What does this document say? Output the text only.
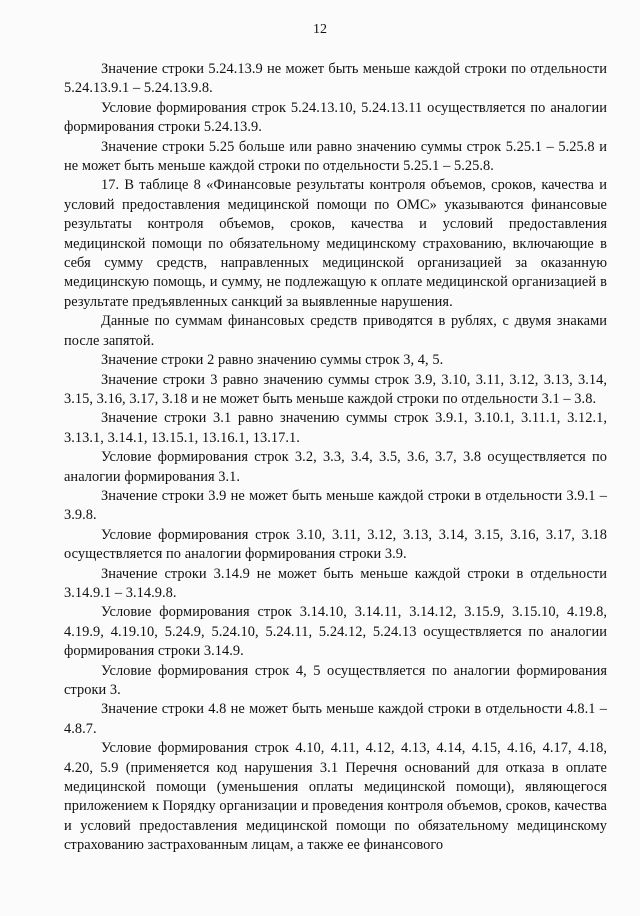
12

Значение строки 5.24.13.9 не может быть меньше каждой строки по отдельности 5.24.13.9.1 – 5.24.13.9.8.

Условие формирования строк 5.24.13.10, 5.24.13.11 осуществляется по аналогии формирования строки 5.24.13.9.

Значение строки 5.25 больше или равно значению суммы строк 5.25.1 – 5.25.8 и не может быть меньше каждой строки по отдельности 5.25.1 – 5.25.8.

17. В таблице 8 «Финансовые результаты контроля объемов, сроков, качества и условий предоставления медицинской помощи по ОМС» указываются финансовые результаты контроля объемов, сроков, качества и условий предоставления медицинской помощи по обязательному медицинскому страхованию, включающие в себя сумму средств, направленных медицинской организацией за оказанную медицинскую помощь, и сумму, не подлежащую к оплате медицинской организацией в результате предъявленных санкций за выявленные нарушения.

Данные по суммам финансовых средств приводятся в рублях, с двумя знаками после запятой.

Значение строки 2 равно значению суммы строк 3, 4, 5.

Значение строки 3 равно значению суммы строк 3.9, 3.10, 3.11, 3.12, 3.13, 3.14, 3.15, 3.16, 3.17, 3.18 и не может быть меньше каждой строки по отдельности 3.1 – 3.8.

Значение строки 3.1 равно значению суммы строк 3.9.1, 3.10.1, 3.11.1, 3.12.1, 3.13.1, 3.14.1, 13.15.1, 13.16.1, 13.17.1.

Условие формирования строк 3.2, 3.3, 3.4, 3.5, 3.6, 3.7, 3.8 осуществляется по аналогии формирования 3.1.

Значение строки 3.9 не может быть меньше каждой строки в отдельности 3.9.1 – 3.9.8.

Условие формирования строк 3.10, 3.11, 3.12, 3.13, 3.14, 3.15, 3.16, 3.17, 3.18 осуществляется по аналогии формирования строки 3.9.

Значение строки 3.14.9 не может быть меньше каждой строки в отдельности 3.14.9.1 – 3.14.9.8.

Условие формирования строк 3.14.10, 3.14.11, 3.14.12, 3.15.9, 3.15.10, 4.19.8, 4.19.9, 4.19.10, 5.24.9, 5.24.10, 5.24.11, 5.24.12, 5.24.13 осуществляется по аналогии формирования строки 3.14.9.

Условие формирования строк 4, 5 осуществляется по аналогии формирования строки 3.

Значение строки 4.8 не может быть меньше каждой строки в отдельности 4.8.1 – 4.8.7.

Условие формирования строк 4.10, 4.11, 4.12, 4.13, 4.14, 4.15, 4.16, 4.17, 4.18, 4.20, 5.9 (применяется код нарушения 3.1 Перечня оснований для отказа в оплате медицинской помощи (уменьшения оплаты медицинской помощи), являющегося приложением к Порядку организации и проведения контроля объемов, сроков, качества и условий предоставления медицинской помощи по обязательному медицинскому страхованию застрахованным лицам, а также ее финансового
